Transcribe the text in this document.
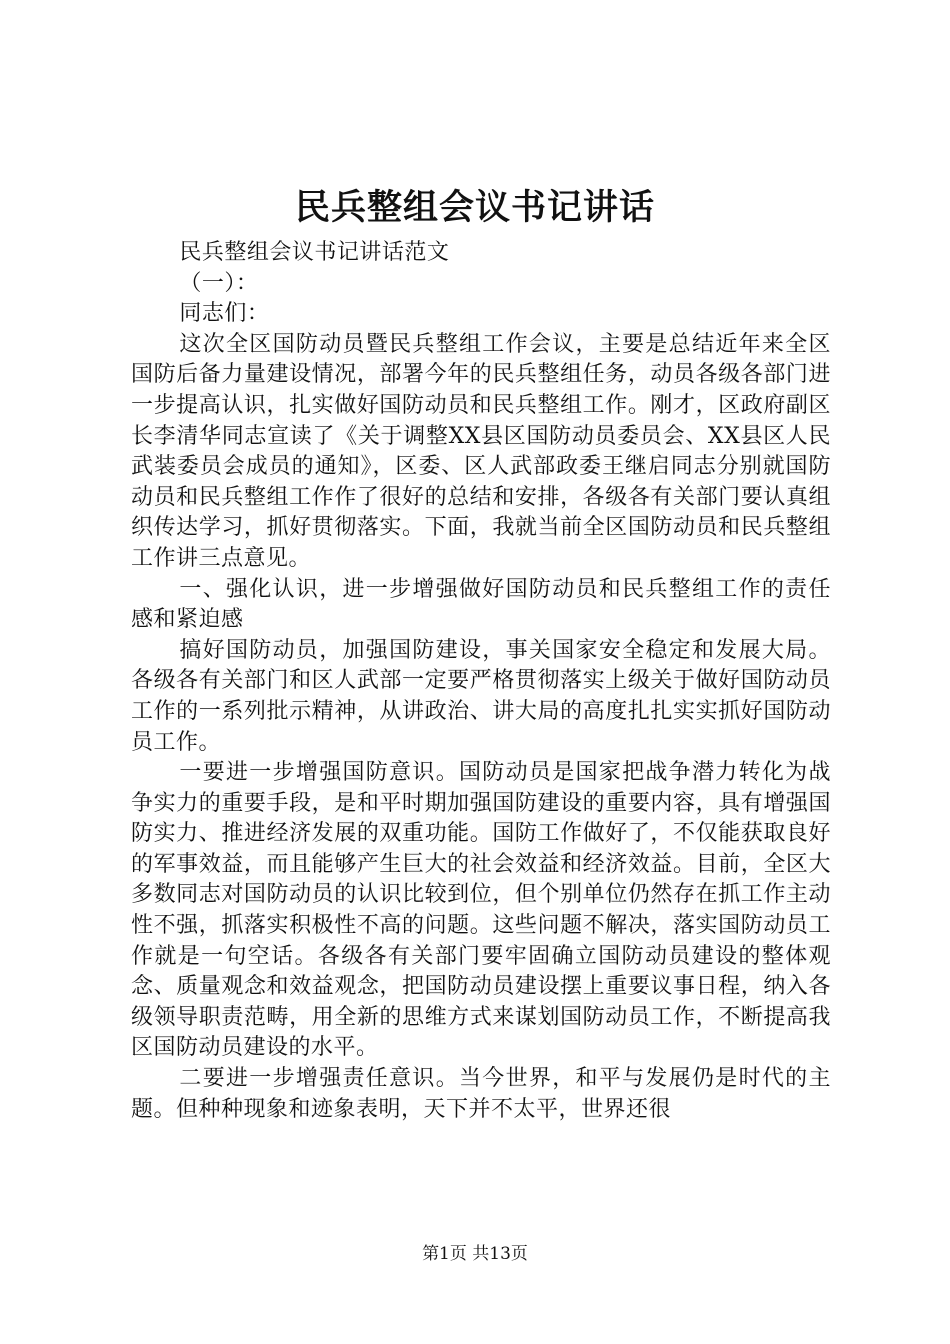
民兵整组会议书记讲话

民兵整组会议书记讲话范文

（一）：

同志们：

这次全区国防动员暨民兵整组工作会议，主要是总结近年来全区国防后备力量建设情况，部署今年的民兵整组任务，动员各级各部门进一步提高认识，扎实做好国防动员和民兵整组工作。刚才，区政府副区长李清华同志宣读了《关于调整XX县区国防动员委员会、XX县区人民武装委员会成员的通知》，区委、区人武部政委王继启同志分别就国防动员和民兵整组工作作了很好的总结和安排，各级各有关部门要认真组织传达学习，抓好贯彻落实。下面，我就当前全区国防动员和民兵整组工作讲三点意见。

一、强化认识，进一步增强做好国防动员和民兵整组工作的责任感和紧迫感

搞好国防动员，加强国防建设，事关国家安全稳定和发展大局。各级各有关部门和区人武部一定要严格贯彻落实上级关于做好国防动员工作的一系列批示精神，从讲政治、讲大局的高度扎扎实实抓好国防动员工作。

一要进一步增强国防意识。国防动员是国家把战争潜力转化为战争实力的重要手段，是和平时期加强国防建设的重要内容，具有增强国防实力、推进经济发展的双重功能。国防工作做好了，不仅能获取良好的军事效益，而且能够产生巨大的社会效益和经济效益。目前，全区大多数同志对国防动员的认识比较到位，但个别单位仍然存在抓工作主动性不强，抓落实积极性不高的问题。这些问题不解决，落实国防动员工作就是一句空话。各级各有关部门要牢固确立国防动员建设的整体观念、质量观念和效益观念，把国防动员建设摆上重要议事日程，纳入各级领导职责范畴，用全新的思维方式来谋划国防动员工作，不断提高我区国防动员建设的水平。

二要进一步增强责任意识。当今世界，和平与发展仍是时代的主题。但种种现象和迹象表明，天下并不太平，世界还很

第1页 共13页
